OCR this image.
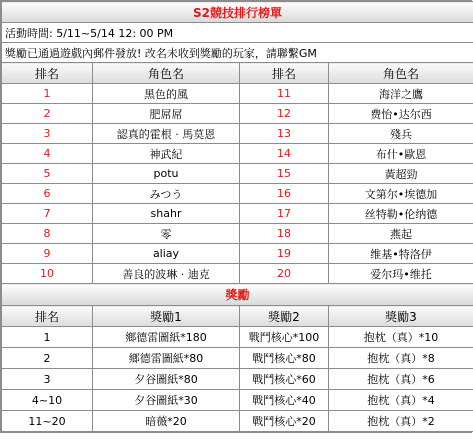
S2競技排行榜單			
活動時間: 5/11~5/14 12: 00 PM			
獎勵已通過遊戲內郵件發放! 改名未收到獎勵的玩家，請聯繫GM			
排名	角色名	排名	角色名
1	黑色的風	11	海洋之鷹
2	肥屌屌	12	费怡•达尔西
3	認真的霍根 · 馬莫恩	13	殘兵
4	神武紀	14	布什•歐恩
5	potu	15	黃超勁
6	みつう	16	文第尔•埃德加
7	shahr	17	丝特勒•伦纳德
8	零	18	燕起
9	aliay	19	维基•特洛伊
10	善良的波琳 · 迪克	20	爱尔玛•维托
獎勵			
排名	獎勵1	獎勵2	獎勵3
1	鄉德雷圖紙*180	戰鬥核心*100	抱枕（真）*10
2	鄉德雷圖紙*80	戰鬥核心*80	抱枕（真）*8
3	夕谷圖紙*80	戰鬥核心*60	抱枕（真）*6
4~10	夕谷圖紙*30	戰鬥核心*40	抱枕（真）*4
11~20	暗薇*20	戰鬥核心*20	抱枕（真）*2
